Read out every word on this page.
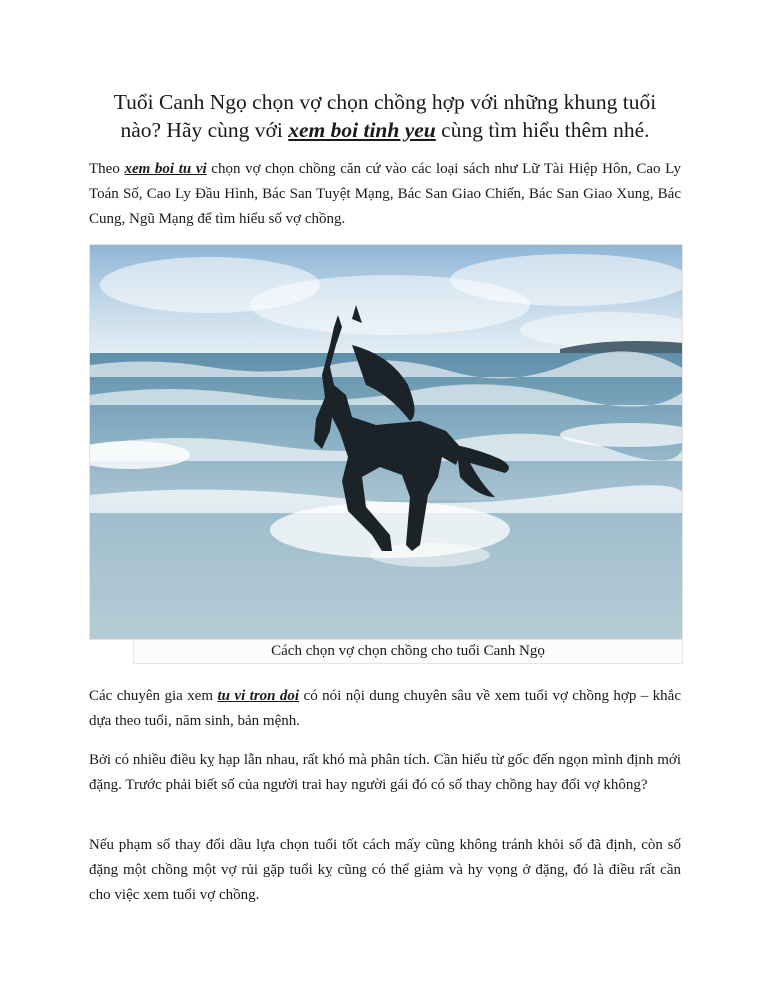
Tuổi Canh Ngọ chọn vợ chọn chồng hợp với những khung tuổi
nào? Hãy cùng với xem boi tinh yeu cùng tìm hiểu thêm nhé.
Theo xem boi tu vi chọn vợ chọn chồng căn cứ vào các loại sách như Lữ Tài Hiệp Hôn, Cao Ly Toán Số, Cao Ly Đầu Hình, Bác San Tuyệt Mạng, Bác San Giao Chiến, Bác San Giao Xung, Bác Cung, Ngũ Mạng để tìm hiểu số vợ chồng.
Cách chọn vợ chọn chồng cho tuổi Canh Ngọ
Các chuyên gia xem tu vi tron doi có nói nội dung chuyên sâu về xem tuổi vợ chồng hợp – khắc dựa theo tuổi, năm sinh, bản mệnh.
Bởi có nhiều điều kỵ hạp lẫn nhau, rất khó mà phân tích. Cần hiểu từ gốc đến ngọn mình định mới đặng. Trước phải biết số của người trai hay người gái đó có số thay chồng hay đổi vợ không?
Nếu phạm số thay đổi dầu lựa chọn tuổi tốt cách mấy cũng không tránh khỏi số đã định, còn số đặng một chồng một vợ rủi gặp tuổi kỵ cũng có thể giảm và hy vọng ở đặng, đó là điều rất cần cho việc xem tuổi vợ chồng.
